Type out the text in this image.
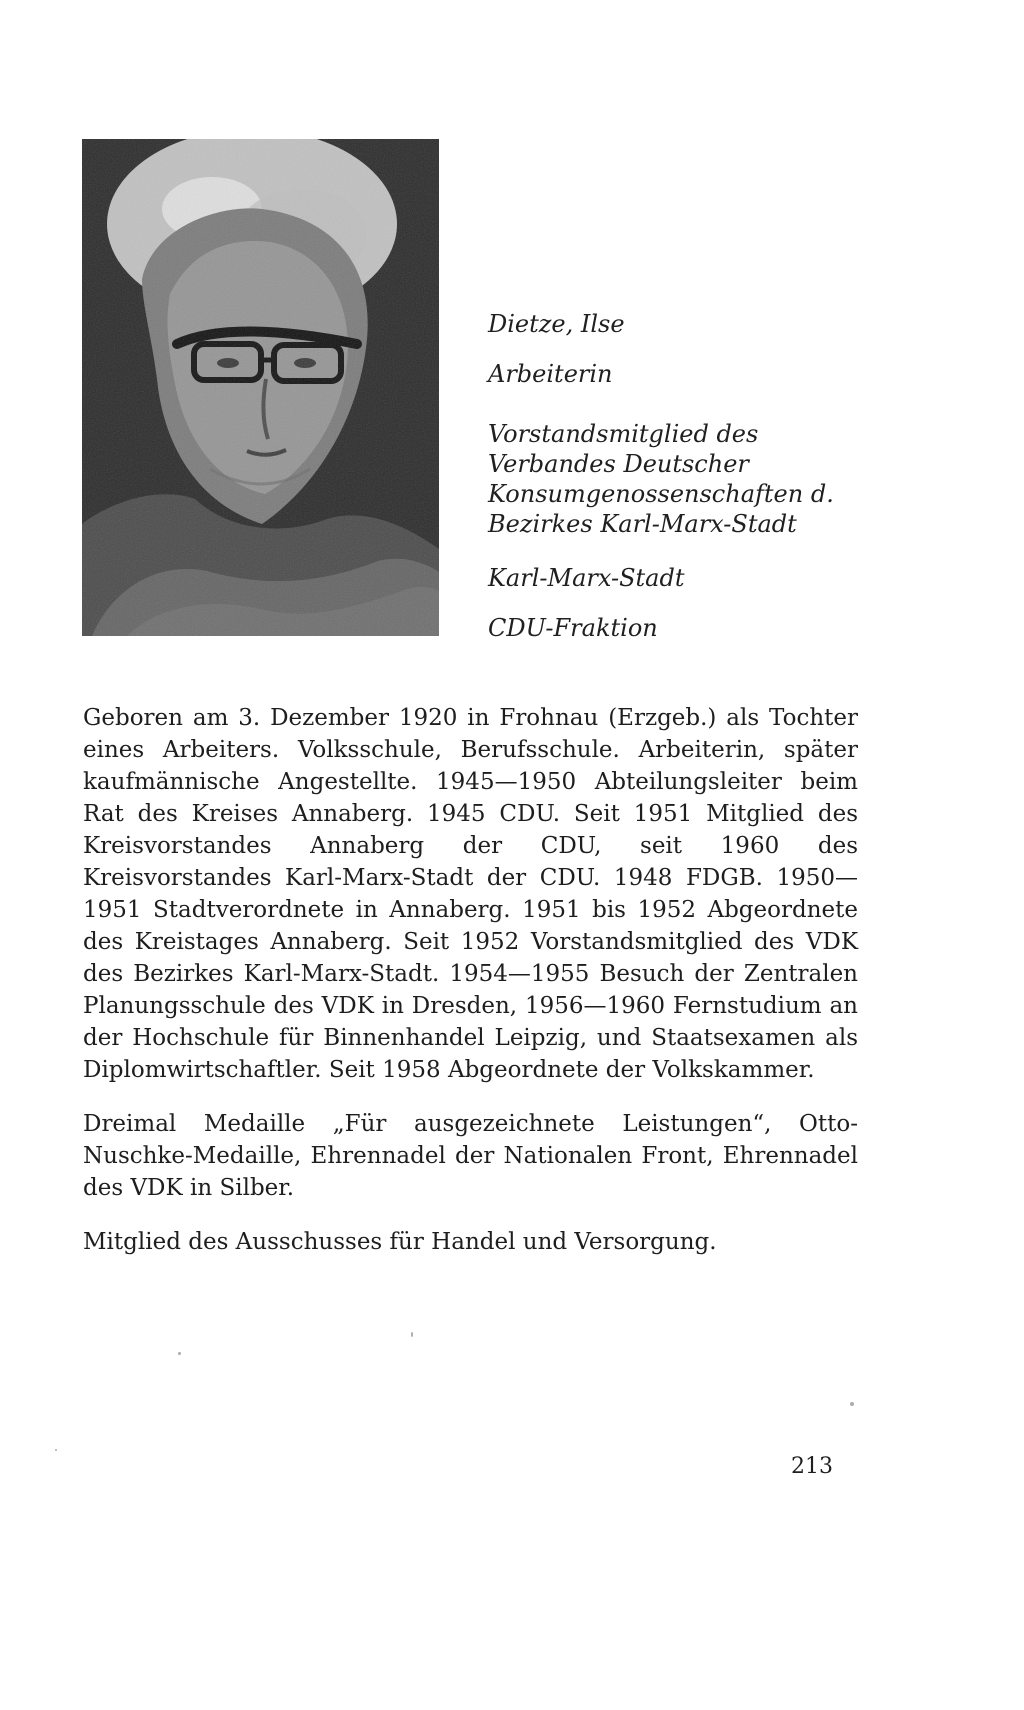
Dietze, Ilse
Arbeiterin
Vorstandsmitglied des
Verbandes Deutscher
Konsumgenossenschaften d.
Bezirkes Karl-Marx-Stadt
Karl-Marx-Stadt
CDU-Fraktion

Geboren am 3. Dezember 1920 in Frohnau (Erzgeb.) als Tochter eines Arbeiters. Volksschule, Berufsschule. Arbeiterin, später kaufmännische Angestellte. 1945—1950 Abteilungsleiter beim Rat des Kreises Annaberg. 1945 CDU. Seit 1951 Mitglied des Kreisvorstandes Annaberg der CDU, seit 1960 des Kreisvorstandes Karl-Marx-Stadt der CDU. 1948 FDGB. 1950—1951 Stadtverordnete in Annaberg. 1951 bis 1952 Abgeordnete des Kreistages Annaberg. Seit 1952 Vorstandsmitglied des VDK des Bezirkes Karl-Marx-Stadt. 1954—1955 Besuch der Zentralen Planungsschule des VDK in Dresden, 1956—1960 Fernstudium an der Hochschule für Binnenhandel Leipzig, und Staatsexamen als Diplomwirtschaftler. Seit 1958 Abgeordnete der Volkskammer.

Dreimal Medaille „Für ausgezeichnete Leistungen“, Otto-Nuschke-Medaille, Ehrennadel der Nationalen Front, Ehrennadel des VDK in Silber.

Mitglied des Ausschusses für Handel und Versorgung.

213
